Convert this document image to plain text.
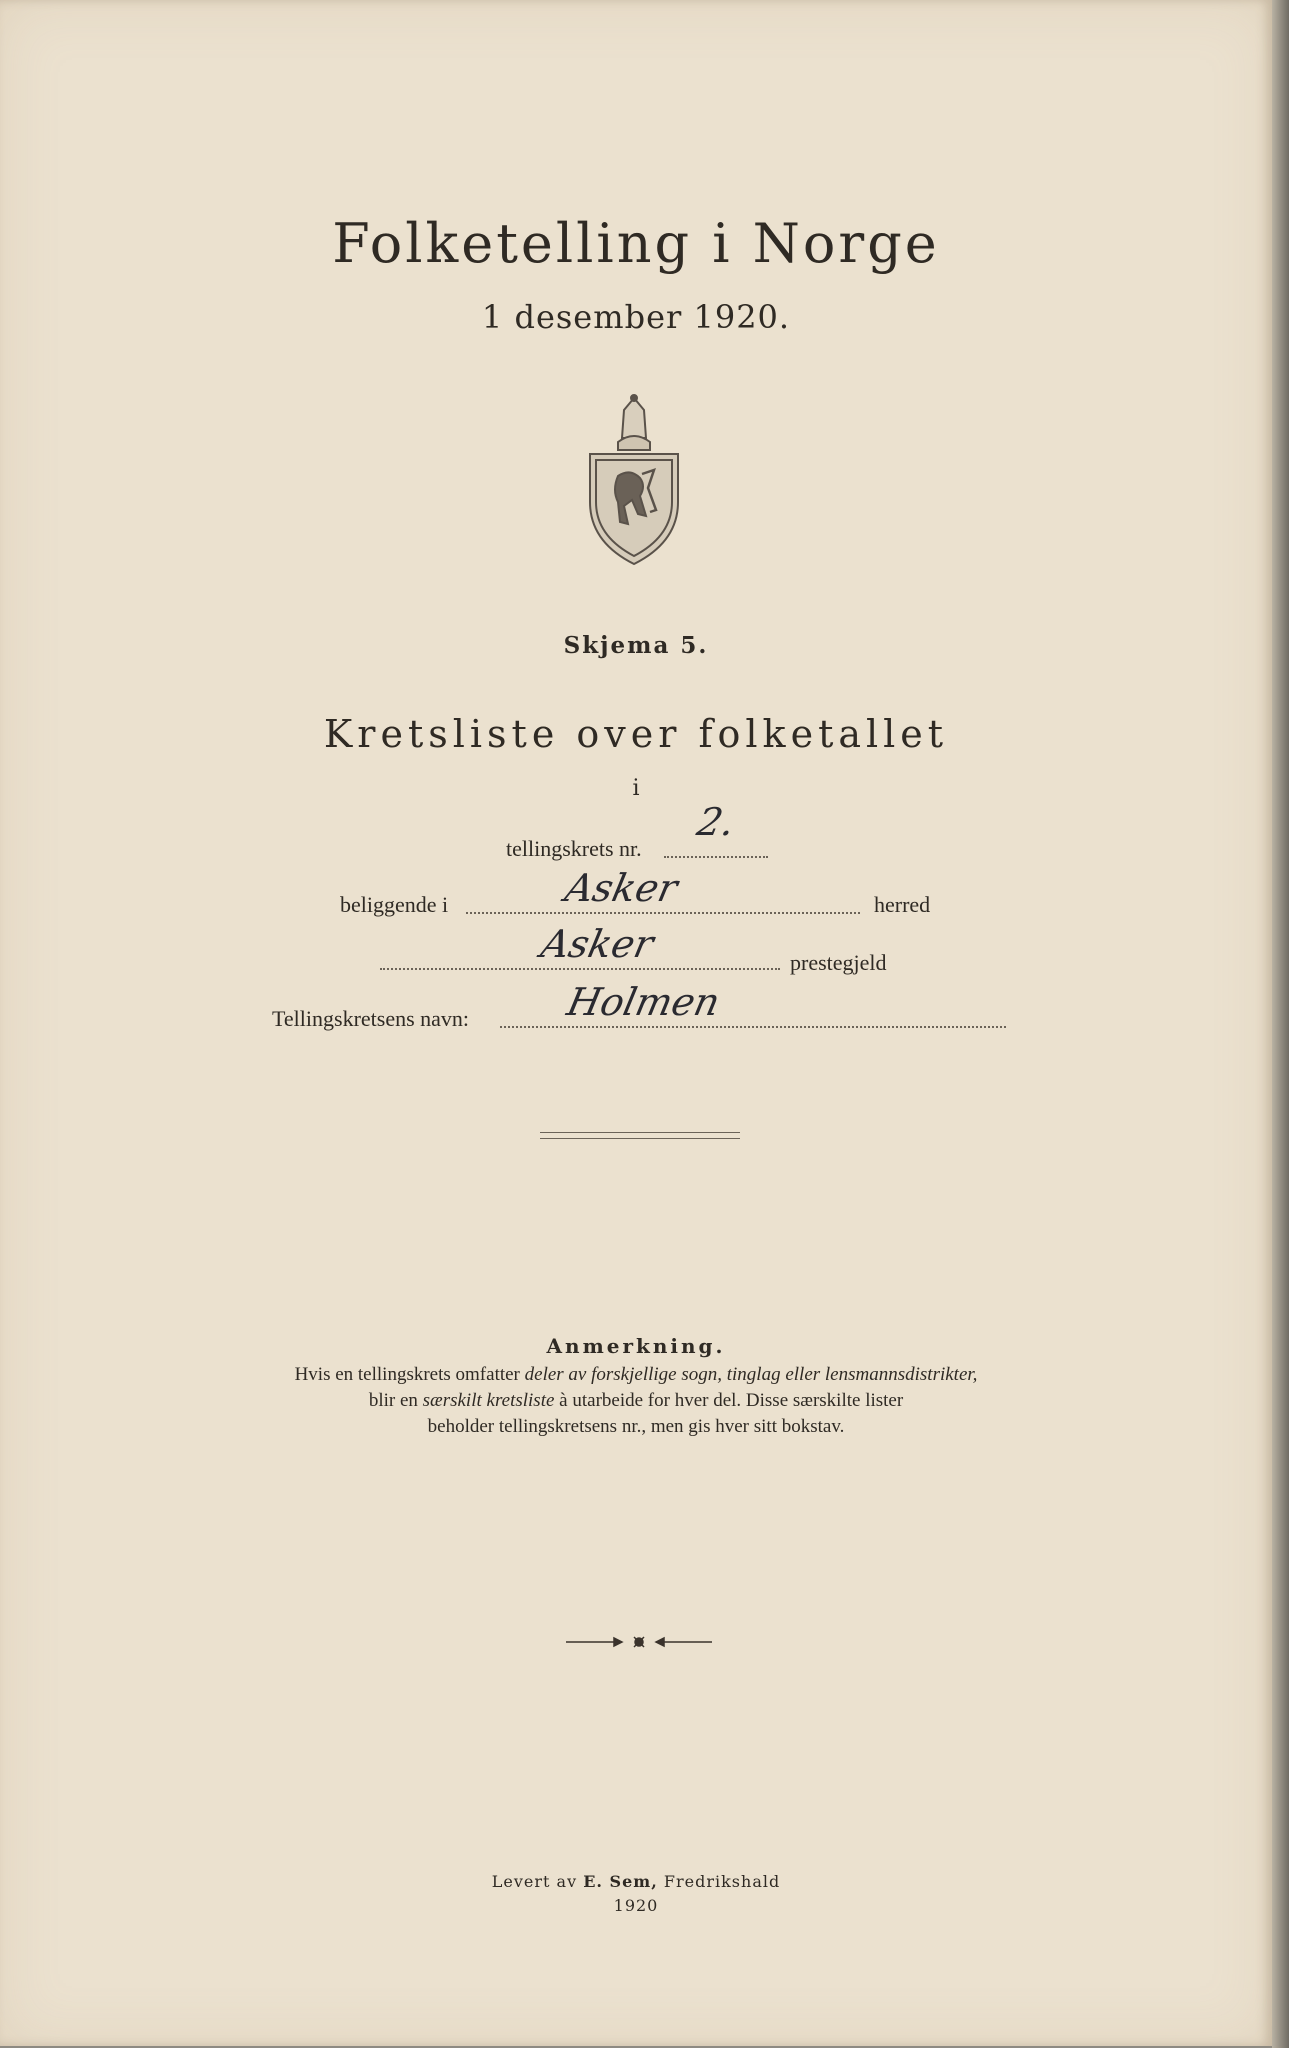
Folketelling i Norge
1 desember 1920.
Skjema 5.
Kretsliste over folketallet
i
tellingskrets nr.
2.
beliggende i	Asker	herred
Asker	prestegjeld
Tellingskretsens navn: Holmen
Anmerkning.
Hvis en tellingskrets omfatter deler av forskjellige sogn, tinglag eller lensmannsdistrikter,
blir en særskilt kretsliste à utarbeide for hver del. Disse særskilte lister
beholder tellingskretsens nr., men gis hver sitt bokstav.
Levert av E. Sem, Fredrikshald
1920
